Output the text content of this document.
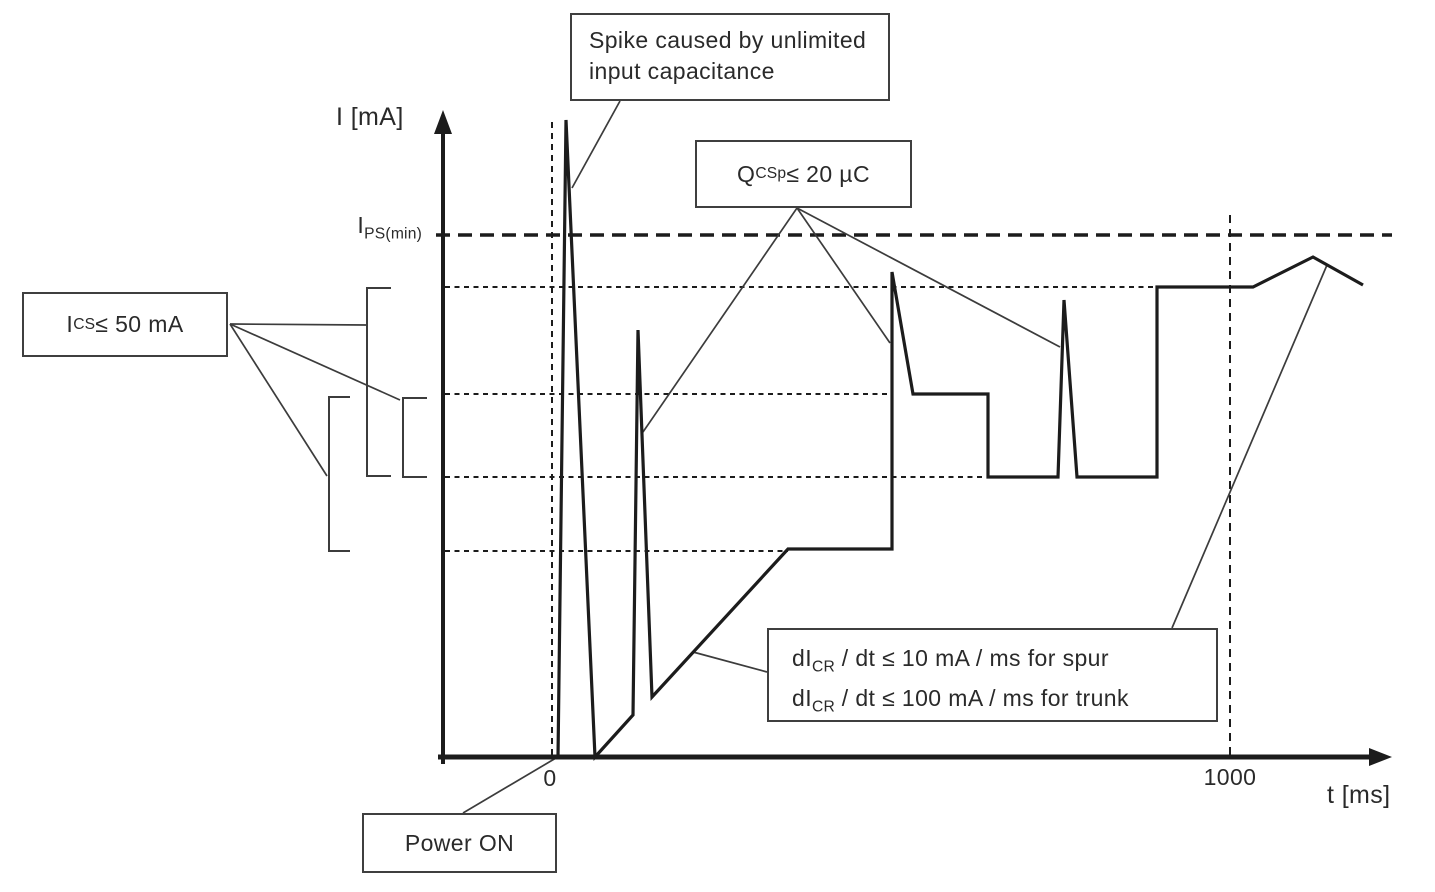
I [mA]
$I_{PS(min)}$
0	1000
t [ms]
Spike caused by unlimited
input capacitance
Q CSp ≤ 20 µC
I CS ≤ 50 mA
$dI_{CR}$ / dt ≤ 10 mA / ms for spur
$dI_{CR}$ / dt ≤ 100 mA / ms for trunk
Power ON
